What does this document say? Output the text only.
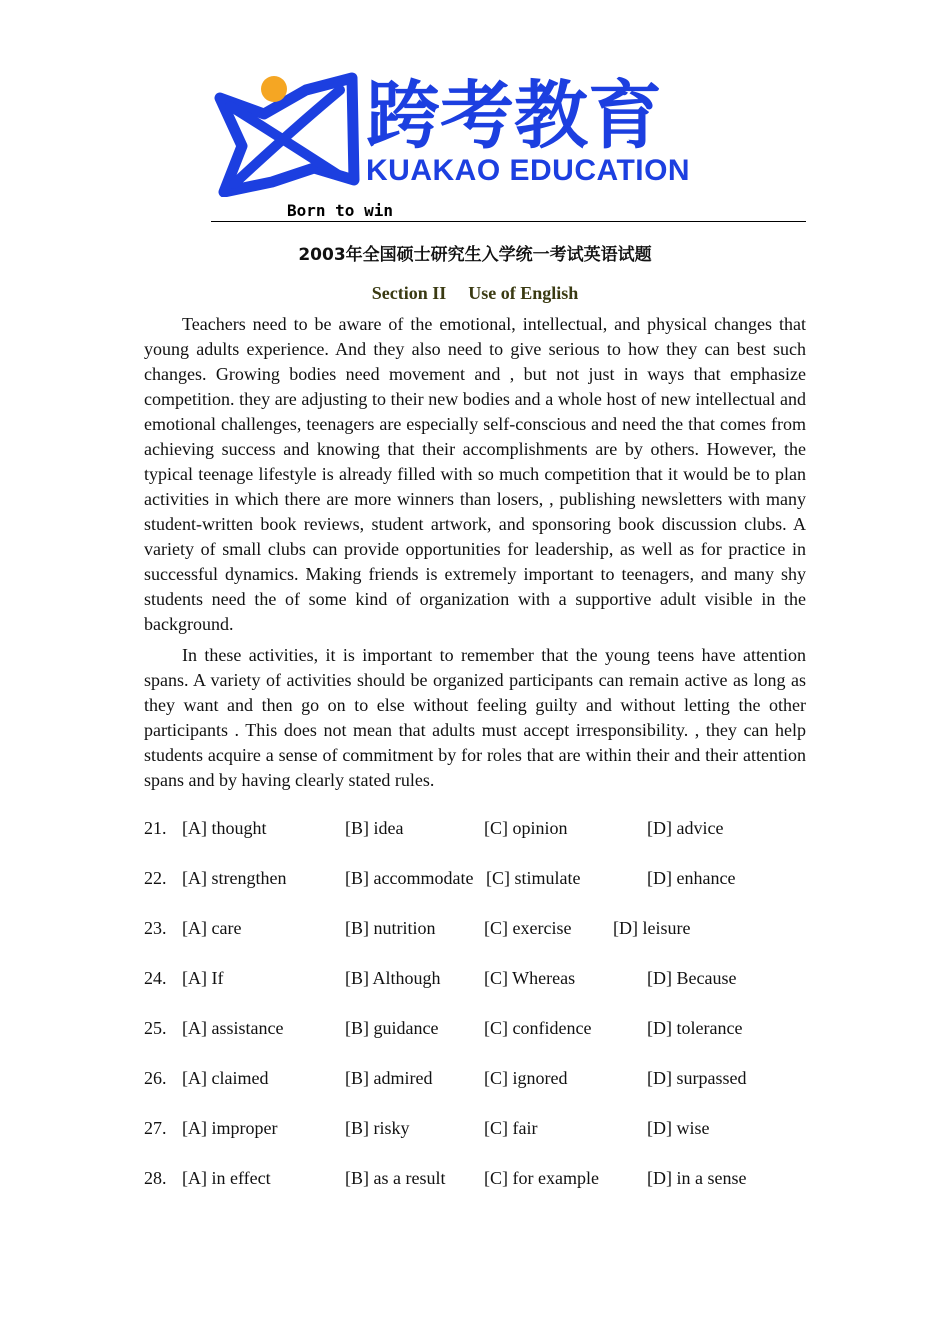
跨考教育
KUAKAO EDUCATION
Born to win
2003年全国硕士研究生入学统一考试英语试题
Section II Use of English

Teachers need to be aware of the emotional, intellectual, and physical changes that young adults experience. And they also need to give serious to how they can best such changes. Growing bodies need movement and , but not just in ways that emphasize competition. they are adjusting to their new bodies and a whole host of new intellectual and emotional challenges, teenagers are especially self-conscious and need the that comes from achieving success and knowing that their accomplishments are by others. However, the typical teenage lifestyle is already filled with so much competition that it would be to plan activities in which there are more winners than losers, , publishing newsletters with many student-written book reviews, student artwork, and sponsoring book discussion clubs. A variety of small clubs can provide opportunities for leadership, as well as for practice in successful dynamics. Making friends is extremely important to teenagers, and many shy students need the of some kind of organization with a supportive adult visible in the background.

In these activities, it is important to remember that the young teens have attention spans. A variety of activities should be organized participants can remain active as long as they want and then go on to else without feeling guilty and without letting the other participants . This does not mean that adults must accept irresponsibility. , they can help students acquire a sense of commitment by for roles that are within their and their attention spans and by having clearly stated rules.

21. [A] thought	[B] idea	[C] opinion	[D] advice
22. [A] strengthen	[B] accommodate [C] stimulate	[D] enhance
23. [A] care	[B] nutrition	[C] exercise [D] leisure
24. [A] If	[B] Although [C] Whereas	[D] Because
25. [A] assistance	[B] guidance	[C] confidence	[D] tolerance
26. [A] claimed	[B] admired	[C] ignored	[D] surpassed
27. [A] improper	[B] risky	[C] fair	[D] wise
28. [A] in effect	[B] as a result [C] for example	[D] in a sense
